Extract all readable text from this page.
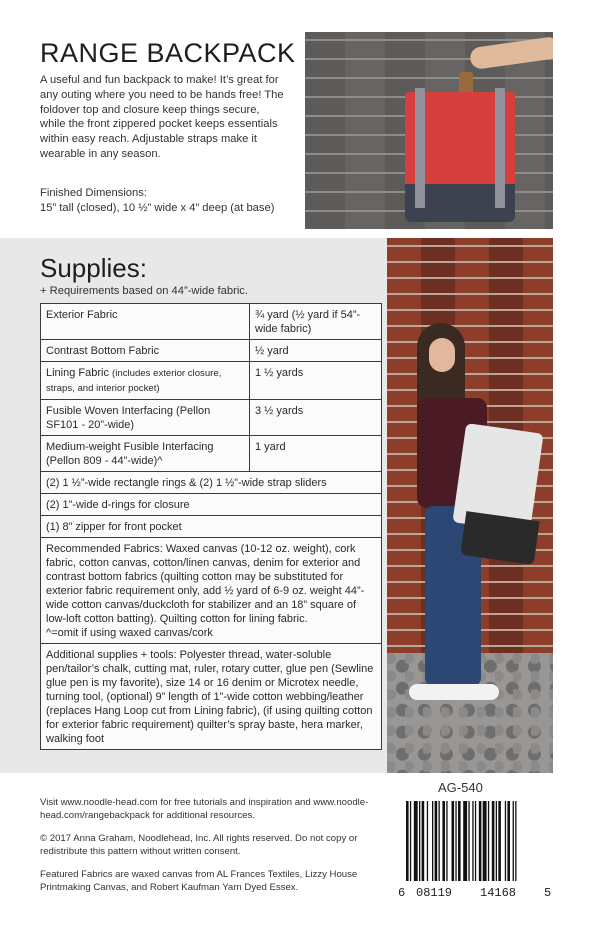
RANGE BACKPACK
A useful and fun backpack to make! It’s great for any outing where you need to be hands free! The foldover top and closure keep things secure, while the front zippered pocket keeps essentials within easy reach. Adjustable straps make it wearable in any season.
Finished Dimensions:
15” tall (closed), 10 ½” wide x 4” deep (at base)
Supplies:
+ Requirements based on 44”-wide fabric.
Exterior Fabric	¾ yard (½ yard if 54”-wide fabric)
Contrast Bottom Fabric	½ yard
Lining Fabric (includes exterior closure, straps, and interior pocket)	1 ½ yards
Fusible Woven Interfacing (Pellon SF101 - 20”-wide)	3 ½ yards
Medium-weight Fusible Interfacing (Pellon 809 - 44”-wide)^	1 yard
(2) 1 ½”-wide rectangle rings & (2) 1 ½”-wide strap sliders	
(2) 1”-wide d-rings for closure	
(1) 8” zipper for front pocket	

Recommended Fabrics: Waxed canvas (10-12 oz. weight), cork fabric, cotton canvas, cotton/linen canvas, denim for exterior and contrast bottom fabrics (quilting cotton may be substituted for exterior fabric requirement only, add ½ yard of 6-9 oz. weight 44”-wide cotton canvas/duckcloth for stabilizer and an 18” square of low-loft cotton batting). Quilting cotton for lining fabric.
^=omit if using waxed canvas/cork	

Additional supplies + tools: Polyester thread, water-soluble pen/tailor’s chalk, cutting mat, ruler, rotary cutter, glue pen (Sewline glue pen is my favorite), size 14 or 16 denim or Microtex needle, turning tool, (optional) 9” length of 1”-wide cotton webbing/leather (replaces Hang Loop cut from Lining fabric), (if using quilting cotton for exterior fabric requirement) quilter’s spray baste, hera marker, walking foot	
Visit www.noodle-head.com for free tutorials and inspiration and www.noodle-head.com/rangebackpack for additional resources.
© 2017 Anna Graham, Noodlehead, Inc. All rights reserved. Do not copy or redistribute this pattern without written consent.
Featured Fabrics are waxed canvas from AL Frances Textiles, Lizzy House Printmaking Canvas, and Robert Kaufman Yarn Dyed Essex.
AG-540
6 08119 14168 5
